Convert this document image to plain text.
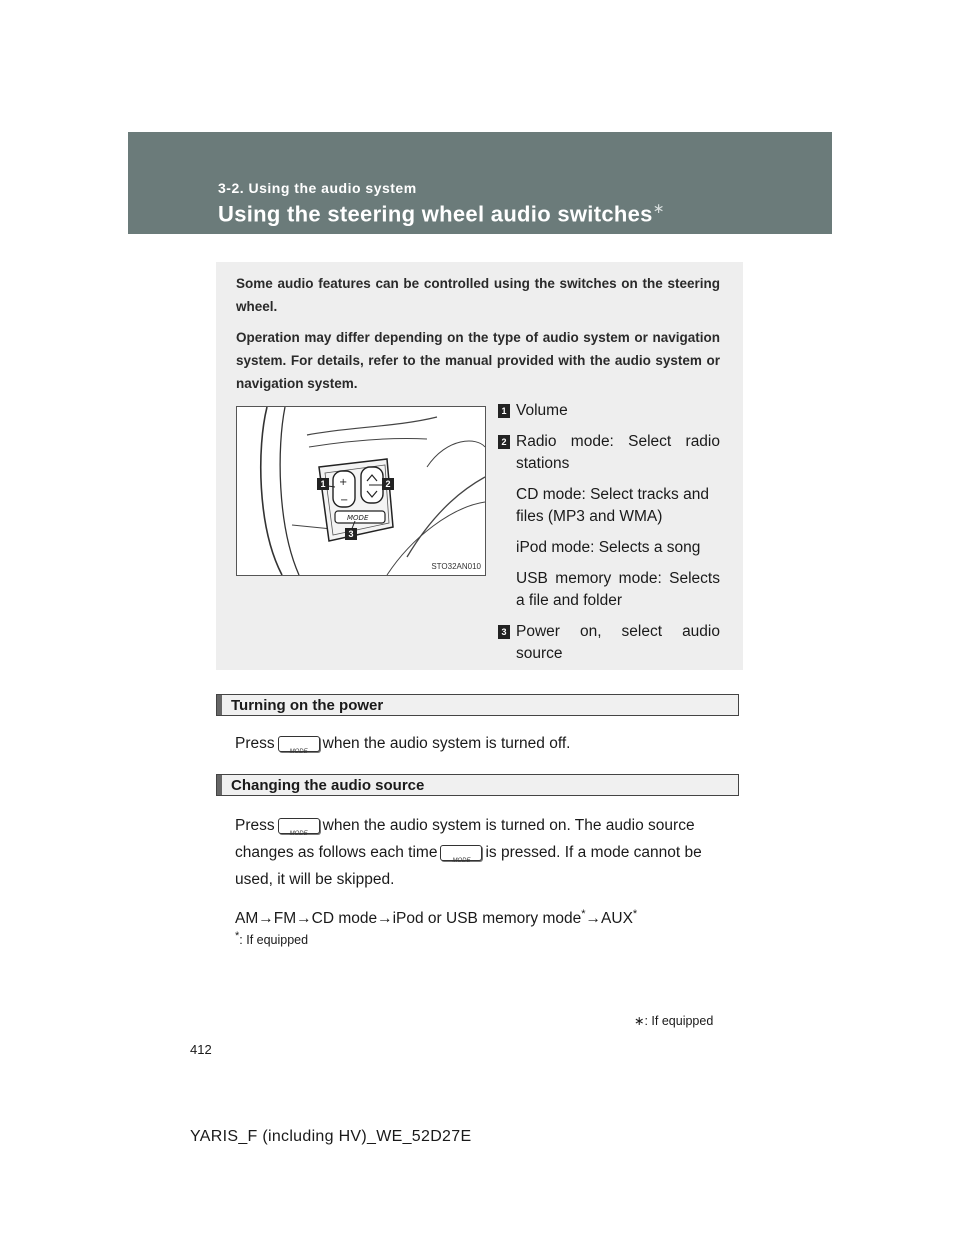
3-2. Using the audio system
Using the steering wheel audio switches∗

Some audio features can be controlled using the switches on the steering wheel.

Operation may differ depending on the type of audio system or navigation system. For details, refer to the manual provided with the audio system or navigation system.

+
−
MODE
1	2
3
STO32AN010
1 Volume
2 Radio mode: Select radio stations
CD mode: Select tracks and files (MP3 and WMA)
iPod mode: Selects a song
USB memory mode: Selects a file and folder
3 Power on, select audio source
Turning on the power
Press MODE	when the audio system is turned off.
Changing the audio source
Press MODE	when the audio system is turned on. The audio source
changes as follows each time MODE	is pressed. If a mode cannot be
used, it will be skipped.
AM→FM→CD mode→iPod or USB memory mode*→AUX*
*: If equipped
∗: If equipped
412
YARIS_F (including HV)_WE_52D27E
